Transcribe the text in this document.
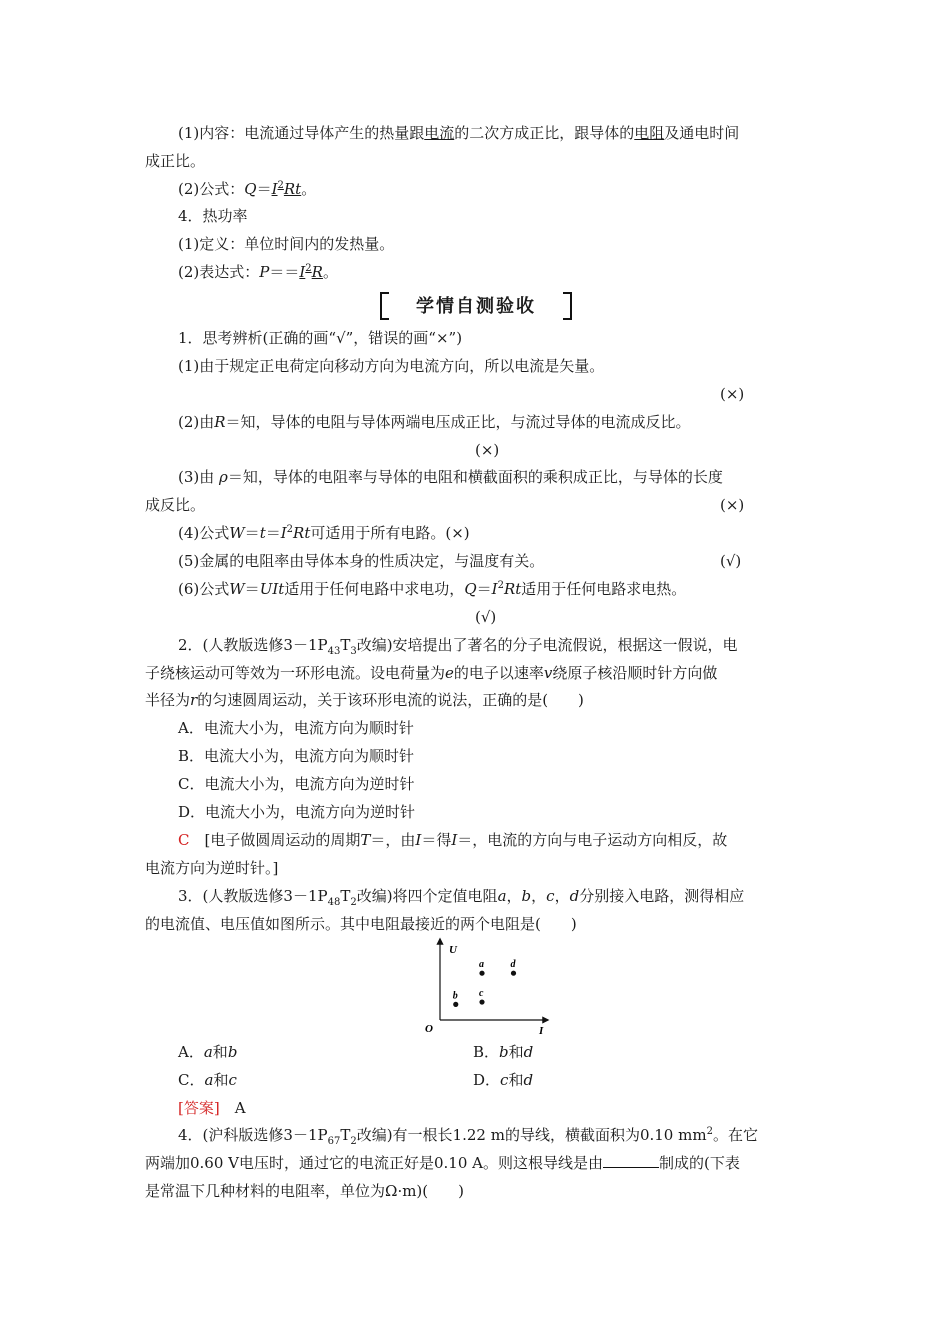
(1)内容：电流通过导体产生的热量跟电流的二次方成正比，跟导体的电阻及通电时间
成正比。
(2)公式：$Q=I^2Rt$。
4．热功率
(1)定义：单位时间内的发热量。
(2)表达式：$P==I^2R$。
学情自测验收
1．思考辨析(正确的画“√”，错误的画“×”)
(1)由于规定正电荷定向移动方向为电流方向，所以电流是矢量。
(×)
(2)由R＝知，导体的电阻与导体两端电压成正比，与流过导体的电流成反比。
(×)
(3)由 ρ＝知，导体的电阻率与导体的电阻和横截面积的乘积成正比，与导体的长度
成反比。	(×)
(4)公式$W=t=I^2Rt$可适用于所有电路。(×)
(5)金属的电阻率由导体本身的性质决定，与温度有关。	(√)
(6)公式W＝UIt适用于任何电路中求电功，$Q=I^2Rt$适用于任何电路求电热。
(√)
2．(人教版选修$3-1P_{43}T_3$改编)安培提出了著名的分子电流假说，根据这一假说，电
子绕核运动可等效为一环形电流。设电荷量为e的电子以速率v绕原子核沿顺时针方向做
半径为r的匀速圆周运动，关于该环形电流的说法，正确的是(　　)
A．电流大小为，电流方向为顺时针
B．电流大小为，电流方向为顺时针
C．电流大小为，电流方向为逆时针
D．电流大小为，电流方向为逆时针
C　 [电子做圆周运动的周期T＝，由I＝得I＝，电流的方向与电子运动方向相反，故
电流方向为逆时针。]
3．(人教版选修$3-1P_{48}T_2$改编)将四个定值电阻a，b，c，d分别接入电路，测得相应
的电流值、电压值如图所示。其中电阻最接近的两个电阻是(　　)
U
I
O
a	d
b c
A．a和b	B．b和d
C．a和c	D．c和d
[答案]　 A
4．(沪科版选修$3-1P_{67}T_2$改编)有一根长1.22 m的导线，横截面积为0.10 $mm^2$。在它
两端加0.60 V电压时，通过它的电流正好是0.10 A。则这根导线是由	制成的(下表
是常温下几种材料的电阻率，单位为Ω·m)(　　)
